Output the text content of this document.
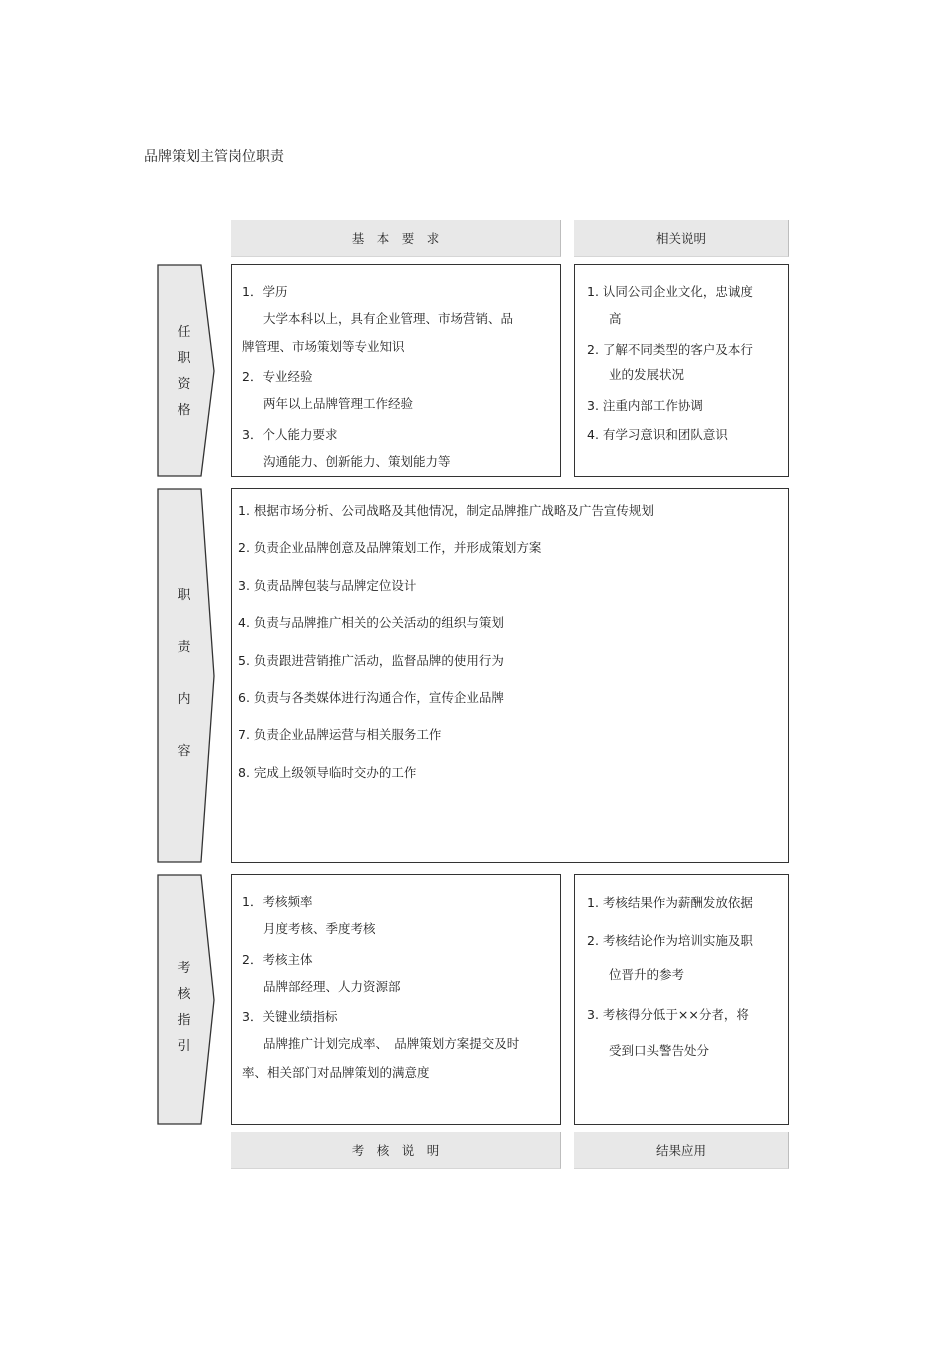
品牌策划主管岗位职责
基　本　要　求	相关说明
任
职
资
格
1．学历
大学本科以上，具有企业管理、市场营销、品
牌管理、市场策划等专业知识
2．专业经验
两年以上品牌管理工作经验
3．个人能力要求
沟通能力、创新能力、策划能力等
1. 认同公司企业文化，忠诚度
高
2. 了解不同类型的客户及本行
业的发展状况
3. 注重内部工作协调
4. 有学习意识和团队意识
职
责
内
容
1. 根据市场分析、公司战略及其他情况，制定品牌推广战略及广告宣传规划
2. 负责企业品牌创意及品牌策划工作，并形成策划方案
3. 负责品牌包装与品牌定位设计
4. 负责与品牌推广相关的公关活动的组织与策划
5. 负责跟进营销推广活动，监督品牌的使用行为
6. 负责与各类媒体进行沟通合作，宣传企业品牌
7. 负责企业品牌运营与相关服务工作
8. 完成上级领导临时交办的工作
考
核
指
引
1．考核频率
月度考核、季度考核
2．考核主体
品牌部经理、人力资源部
3．关键业绩指标
品牌推广计划完成率、　品牌策划方案提交及时
率、相关部门对品牌策划的满意度
1. 考核结果作为薪酬发放依据
2. 考核结论作为培训实施及职
位晋升的参考
3. 考核得分低于××分者，将
受到口头警告处分
考　核　说　明	结果应用
